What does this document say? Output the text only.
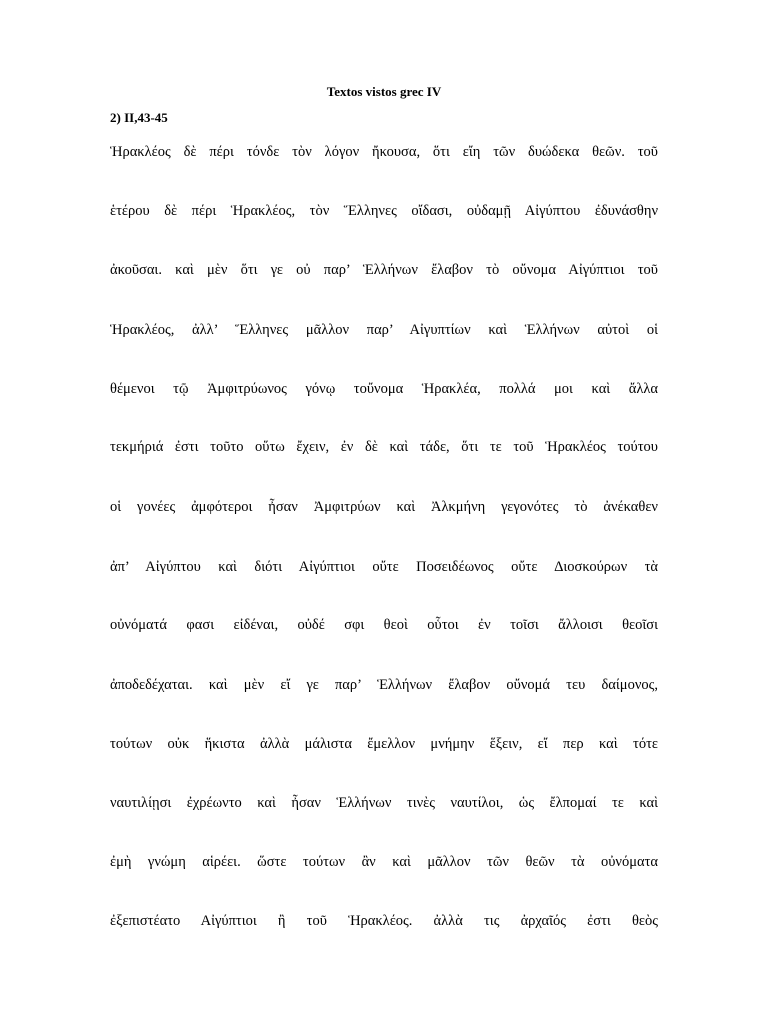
Textos vistos grec IV
2) II,43-45
Ἡρακλέος δὲ πέρι τόνδε τὸν λόγον ἤκουσα, ὅτι εἴη τῶν δυώδεκα θεῶν. τοῦ
ἑτέρου δὲ πέρι Ἡρακλέος, τὸν Ἕλληνες οἴδασι, οὐδαμῇ Αἰγύπτου ἐδυνάσθην
ἀκοῦσαι. καὶ μὲν ὅτι γε οὐ παρ’ Ἑλλήνων ἔλαβον τὸ οὔνομα Αἰγύπτιοι τοῦ
Ἡρακλέος, ἀλλ’ Ἕλληνες μᾶλλον παρ’ Αἰγυπτίων καὶ Ἑλλήνων αὐτοὶ οἱ
θέμενοι τῷ Ἀμφιτρύωνος γόνῳ τοὔνομα Ἡρακλέα, πολλά μοι καὶ ἄλλα
τεκμήριά ἐστι τοῦτο οὕτω ἔχειν, ἐν δὲ καὶ τάδε, ὅτι τε τοῦ Ἡρακλέος τούτου
οἱ γονέες ἀμφότεροι ἦσαν Ἀμφιτρύων καὶ Ἀλκμήνη γεγονότες τὸ ἀνέκαθεν
ἀπ’ Αἰγύπτου καὶ διότι Αἰγύπτιοι οὔτε Ποσειδέωνος οὔτε Διοσκούρων τὰ
οὐνόματά φασι εἰδέναι, οὐδέ σφι θεοὶ οὗτοι ἐν τοῖσι ἄλλοισι θεοῖσι
ἀποδεδέχαται. καὶ μὲν εἴ γε παρ’ Ἑλλήνων ἔλαβον οὔνομά τευ δαίμονος,
τούτων οὐκ ἥκιστα ἀλλὰ μάλιστα ἔμελλον μνήμην ἕξειν, εἴ περ καὶ τότε
ναυτιλίῃσι ἐχρέωντο καὶ ἦσαν Ἑλλήνων τινὲς ναυτίλοι, ὡς ἔλπομαί τε καὶ
ἐμὴ γνώμη αἱρέει. ὥστε τούτων ἂν καὶ μᾶλλον τῶν θεῶν τὰ οὐνόματα
ἐξεπιστέατο Αἰγύπτιοι ἢ τοῦ Ἡρακλέος. ἀλλὰ τις ἀρχαῖός ἐστι θεὸς
